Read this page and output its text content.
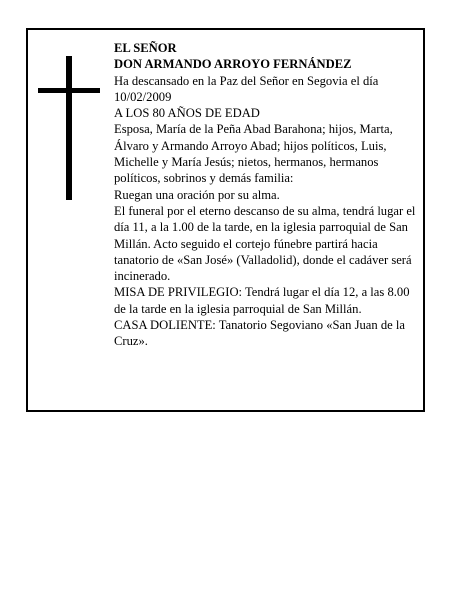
EL SEÑOR

DON ARMANDO ARROYO FERNÁNDEZ

Ha descansado en la Paz del Señor en Segovia el día 10/02/2009

A LOS 80 AÑOS DE EDAD

Esposa, María de la Peña Abad Barahona; hijos, Marta, Álvaro y Armando Arroyo Abad; hijos políticos, Luis, Michelle y María Jesús; nietos, hermanos, hermanos políticos, sobrinos y demás familia:

Ruegan una oración por su alma.

El funeral por el eterno descanso de su alma, tendrá lugar el día 11, a la 1.00 de la tarde, en la iglesia parroquial de San Millán. Acto seguido el cortejo fúnebre partirá hacia tanatorio de «San José» (Valladolid), donde el cadáver será incinerado.

MISA DE PRIVILEGIO: Tendrá lugar el día 12, a las 8.00 de la tarde en la iglesia parroquial de San Millán.

CASA DOLIENTE: Tanatorio Segoviano «San Juan de la Cruz».
